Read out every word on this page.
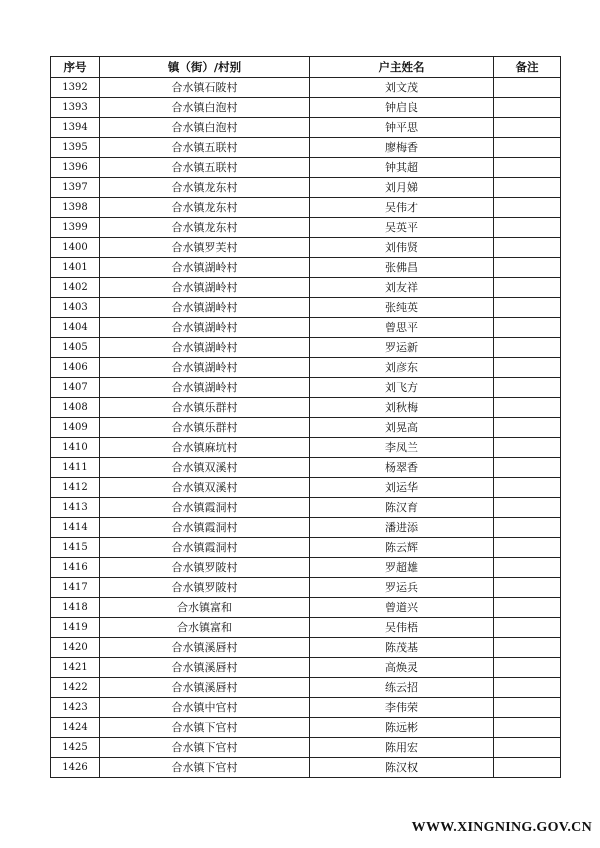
序号	镇（街）/村别	户主姓名	备注
1392	合水镇石陂村	刘文茂	
1393	合水镇白泡村	钟启良	
1394	合水镇白泡村	钟平思	
1395	合水镇五联村	廖梅香	
1396	合水镇五联村	钟其超	
1397	合水镇龙东村	刘月娣	
1398	合水镇龙东村	吴伟才	
1399	合水镇龙东村	吴英平	
1400	合水镇罗芙村	刘伟贤	
1401	合水镇湖岭村	张佛昌	
1402	合水镇湖岭村	刘友祥	
1403	合水镇湖岭村	张纯英	
1404	合水镇湖岭村	曾思平	
1405	合水镇湖岭村	罗运新	
1406	合水镇湖岭村	刘彦东	
1407	合水镇湖岭村	刘飞方	
1408	合水镇乐群村	刘秋梅	
1409	合水镇乐群村	刘晃高	
1410	合水镇麻坑村	李凤兰	
1411	合水镇双溪村	杨翠香	
1412	合水镇双溪村	刘运华	
1413	合水镇霞洞村	陈汉育	
1414	合水镇霞洞村	潘进添	
1415	合水镇霞洞村	陈云辉	
1416	合水镇罗陂村	罗超雄	
1417	合水镇罗陂村	罗运兵	
1418	合水镇富和	曾道兴	
1419	合水镇富和	吴伟梧	
1420	合水镇溪唇村	陈茂基	
1421	合水镇溪唇村	高焕灵	
1422	合水镇溪唇村	练云招	
1423	合水镇中官村	李伟荣	
1424	合水镇下官村	陈远彬	
1425	合水镇下官村	陈用宏	
1426	合水镇下官村	陈汉权	
WWW.XINGNING.GOV.CN
